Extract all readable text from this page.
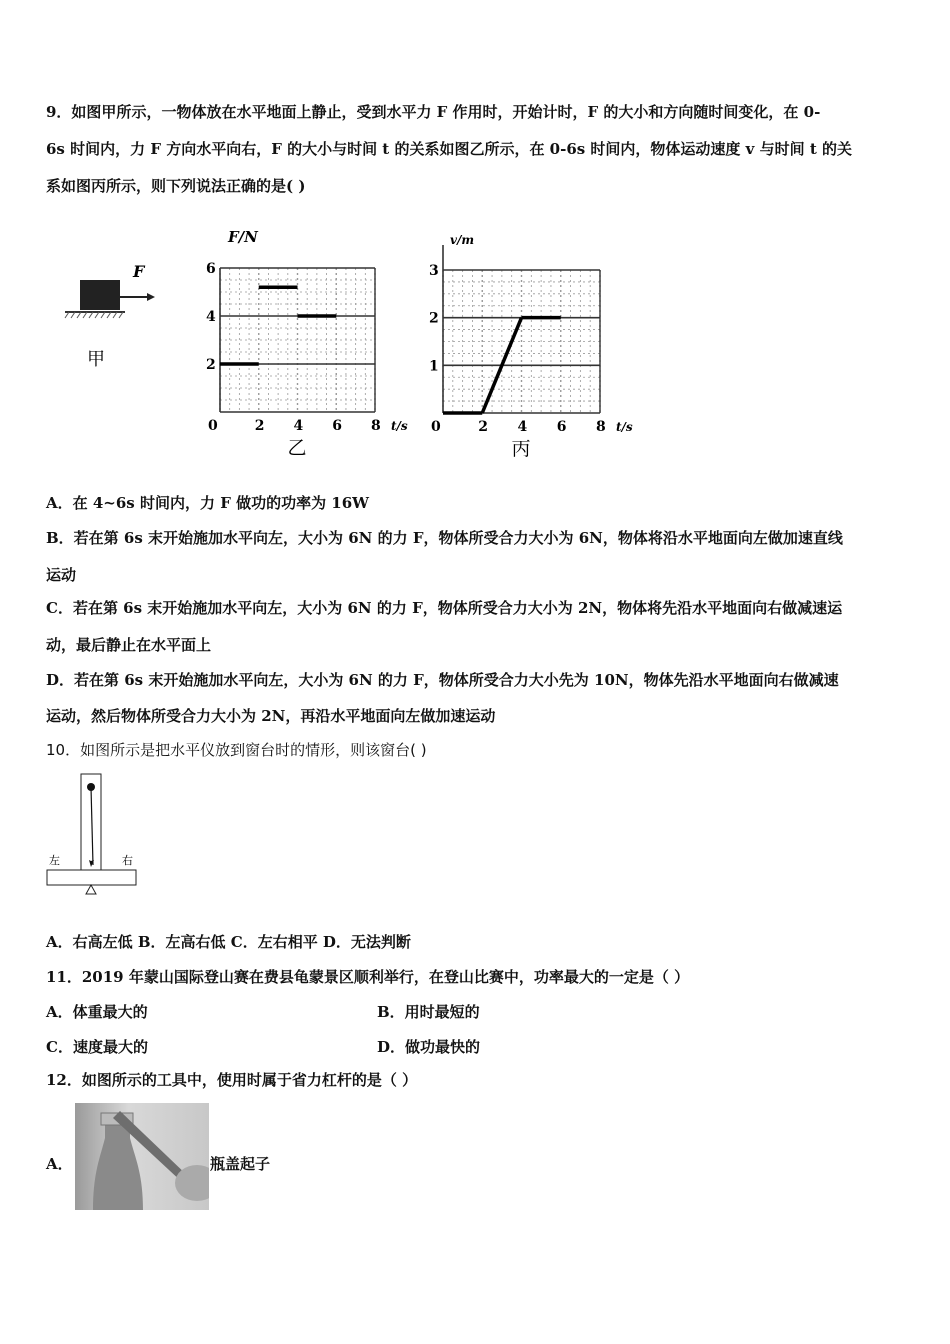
9．如图甲所示，一物体放在水平地面上静止，受到水平力 F 作用时，开始计时，F 的大小和方向随时间变化，在 0-
6s 时间内，力 F 方向水平向右，F 的大小与时间 t 的关系如图乙所示，在 0-6s 时间内，物体运动速度 v 与时间 t 的关
系如图丙所示，则下列说法正确的是( )
F
甲	2
4
6
0	2 4 6 8 t/s
F/N
乙
1
2
3
0	2 4 6 8 t/s
v/m
丙
A．在 4~6s 时间内，力 F 做功的功率为 16W
B．若在第 6s 末开始施加水平向左，大小为 6N 的力 F，物体所受合力大小为 6N，物体将沿水平地面向左做加速直线
运动
C．若在第 6s 末开始施加水平向左，大小为 6N 的力 F，物体所受合力大小为 2N，物体将先沿水平地面向右做减速运
动，最后静止在水平面上
D．若在第 6s 末开始施加水平向左，大小为 6N 的力 F，物体所受合力大小先为 10N，物体先沿水平地面向右做减速
运动，然后物体所受合力大小为 2N，再沿水平地面向左做加速运动
10．如图所示是把水平仪放到窗台时的情形，则该窗台( )
左	右
A．右高左低 B．左高右低 C．左右相平 D．无法判断
11．2019 年蒙山国际登山赛在费县龟蒙景区顺利举行，在登山比赛中，功率最大的一定是（ ）
A．体重最大的	B．用时最短的
C．速度最大的	D．做功最快的
12．如图所示的工具中，使用时属于省力杠杆的是（ ）
A．	瓶盖起子
